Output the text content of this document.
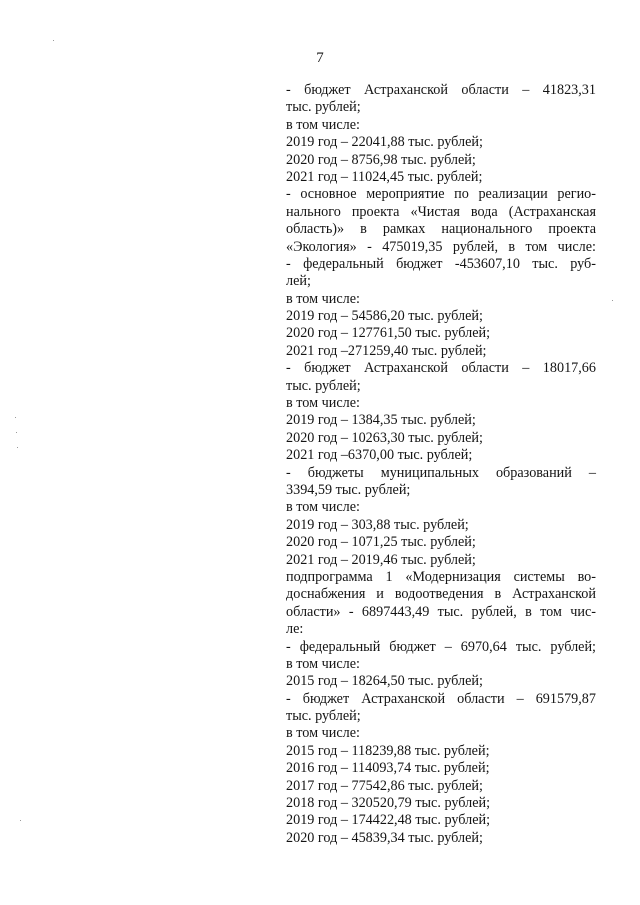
7
- бюджет Астраханской области – 41823,31
тыс. рублей;
в том числе:
2019 год – 22041,88 тыс. рублей;
2020 год – 8756,98 тыс. рублей;
2021 год – 11024,45 тыс. рублей;
- основное мероприятие по реализации регио-
нального проекта «Чистая вода (Астраханская
область)» в рамках национального проекта
«Экология» - 475019,35 рублей, в том числе:
- федеральный бюджет -453607,10 тыс. руб-
лей;
в том числе:
2019 год – 54586,20 тыс. рублей;
2020 год – 127761,50 тыс. рублей;
2021 год –271259,40 тыс. рублей;
- бюджет Астраханской области – 18017,66
тыс. рублей;
в том числе:
2019 год – 1384,35 тыс. рублей;
2020 год – 10263,30 тыс. рублей;
2021 год –6370,00 тыс. рублей;
- бюджеты муниципальных образований –
3394,59 тыс. рублей;
в том числе:
2019 год – 303,88 тыс. рублей;
2020 год – 1071,25 тыс. рублей;
2021 год – 2019,46 тыс. рублей;
подпрограмма 1 «Модернизация системы во-
доснабжения и водоотведения в Астраханской
области» - 6897443,49 тыс. рублей, в том чис-
ле:
- федеральный бюджет – 6970,64 тыс. рублей;
в том числе:
2015 год – 18264,50 тыс. рублей;
- бюджет Астраханской области – 691579,87
тыс. рублей;
в том числе:
2015 год – 118239,88 тыс. рублей;
2016 год – 114093,74 тыс. рублей;
2017 год – 77542,86 тыс. рублей;
2018 год – 320520,79 тыс. рублей;
2019 год – 174422,48 тыс. рублей;
2020 год – 45839,34 тыс. рублей;
